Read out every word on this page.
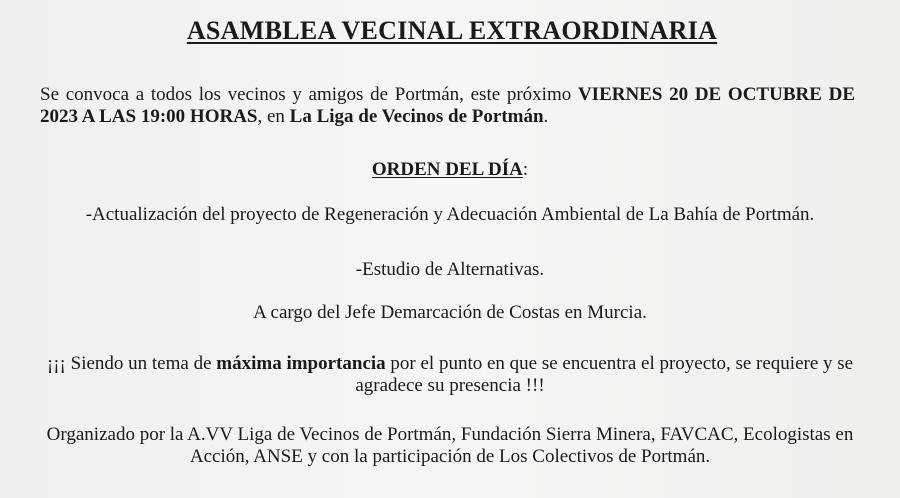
ASAMBLEA VECINAL EXTRAORDINARIA
Se convoca a todos los vecinos y amigos de Portmán, este próximo VIERNES 20 DE OCTUBRE DE 2023 A LAS 19:00 HORAS, en La Liga de Vecinos de Portmán.
ORDEN DEL DÍA:
-Actualización del proyecto de Regeneración y Adecuación Ambiental de La Bahía de Portmán.
-Estudio de Alternativas.
A cargo del Jefe Demarcación de Costas en Murcia.
¡¡¡ Siendo un tema de máxima importancia por el punto en que se encuentra el proyecto, se requiere y se agradece su presencia !!!
Organizado por la A.VV Liga de Vecinos de Portmán, Fundación Sierra Minera, FAVCAC, Ecologistas en Acción, ANSE y con la participación de Los Colectivos de Portmán.
